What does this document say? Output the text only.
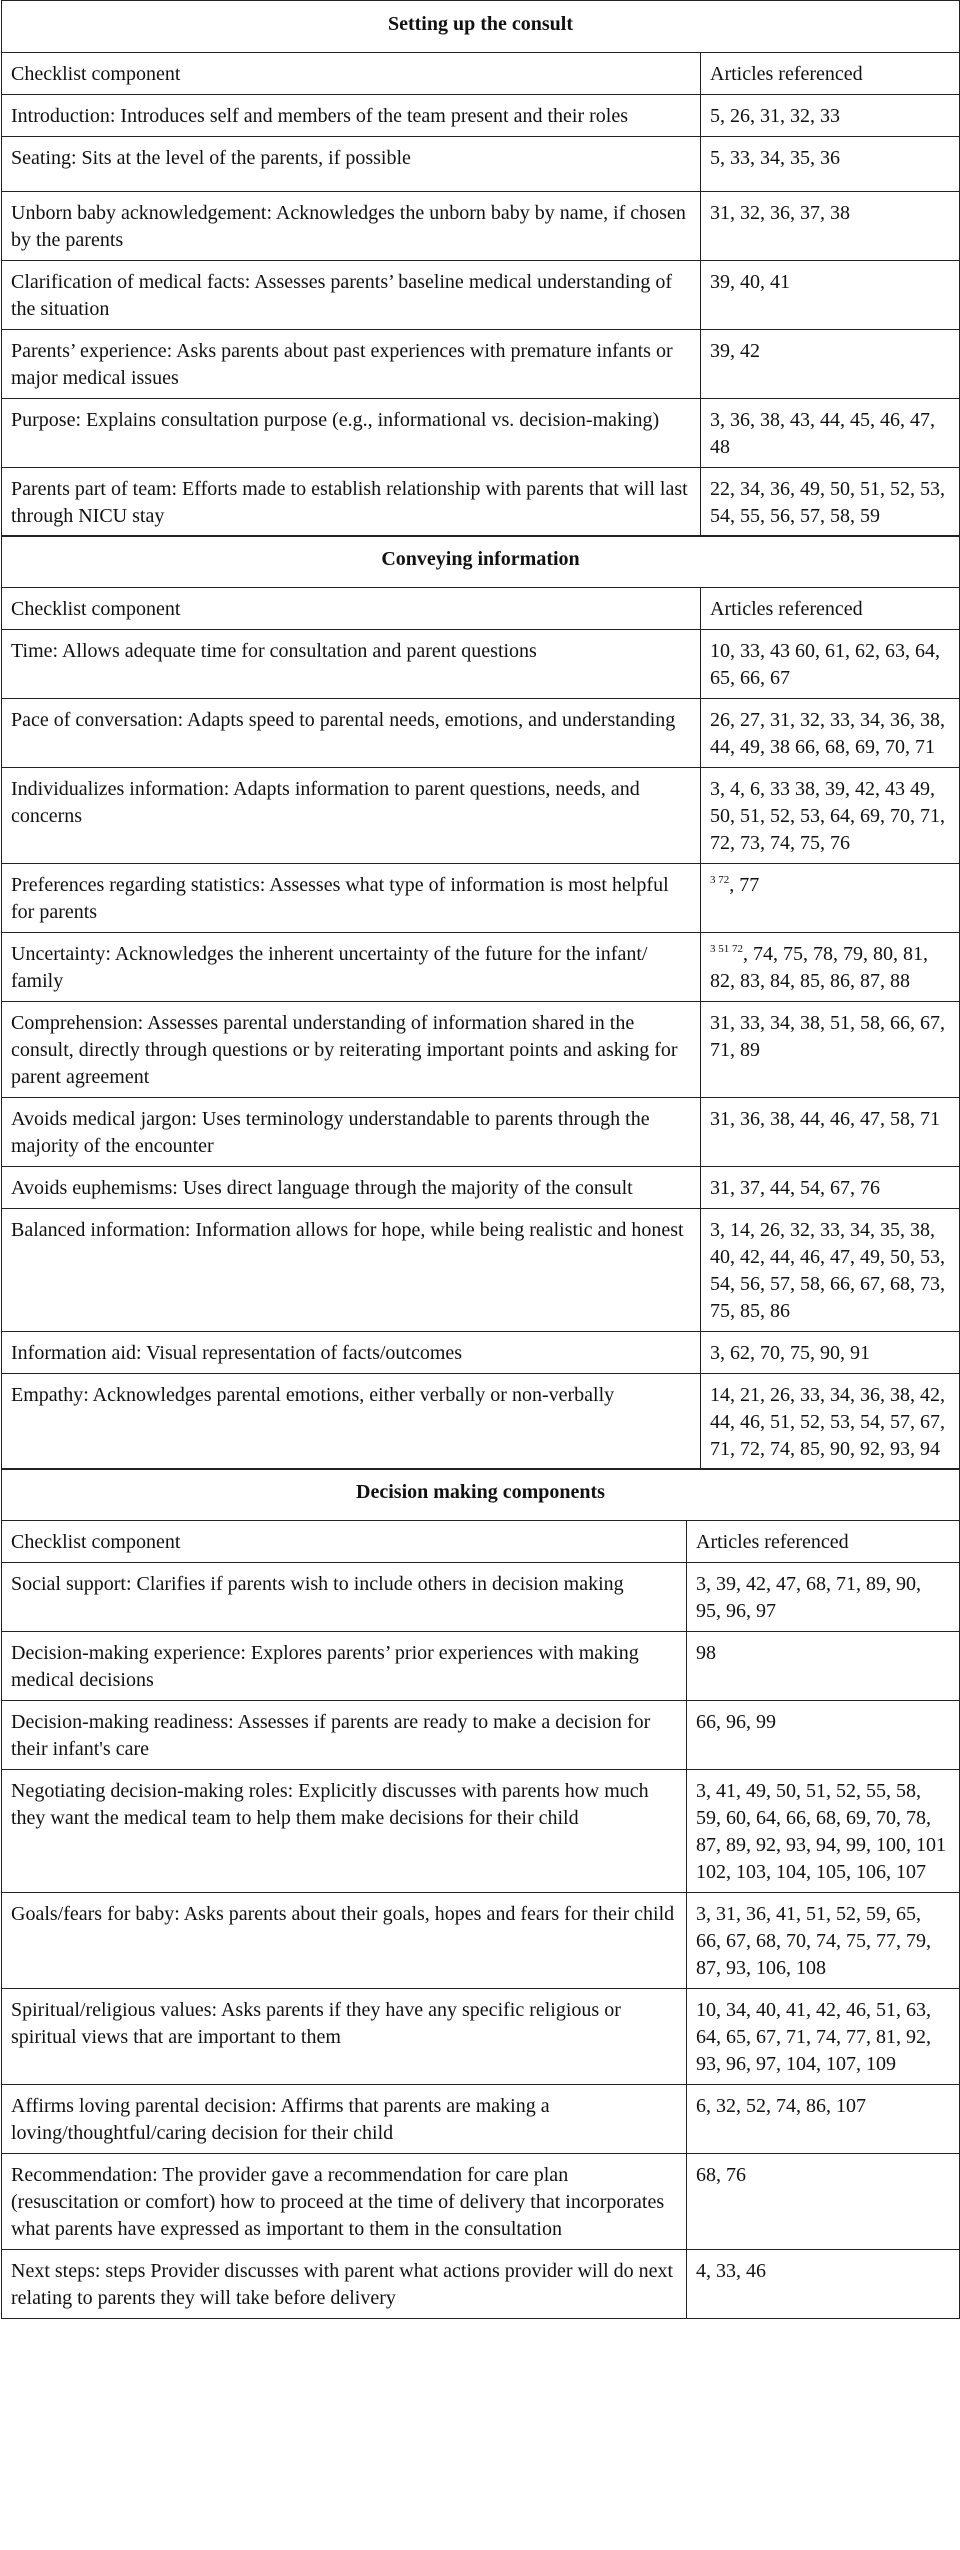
Setting up the consult	
Checklist component	Articles referenced
Introduction: Introduces self and members of the team present and their roles	5, 26, 31, 32, 33
Seating: Sits at the level of the parents, if possible	5, 33, 34, 35, 36
Unborn baby acknowledgement: Acknowledges the unborn baby by name, if chosen by the parents	31, 32, 36, 37, 38
Clarification of medical facts: Assesses parents’ baseline medical understanding of the situation	39, 40, 41
Parents’ experience: Asks parents about past experiences with premature infants or major medical issues	39, 42
Purpose: Explains consultation purpose (e.g., informational vs. decision-making)	3, 36, 38, 43, 44, 45, 46, 47, 48
Parents part of team: Efforts made to establish relationship with parents that will last through NICU stay	22, 34, 36, 49, 50, 51, 52, 53, 54, 55, 56, 57, 58, 59
Conveying information	
Checklist component	Articles referenced
Time: Allows adequate time for consultation and parent questions	10, 33, 43 60, 61, 62, 63, 64, 65, 66, 67
Pace of conversation: Adapts speed to parental needs, emotions, and understanding	26, 27, 31, 32, 33, 34, 36, 38, 44, 49, 38 66, 68, 69, 70, 71
Individualizes information: Adapts information to parent questions, needs, and concerns	3, 4, 6, 33 38, 39, 42, 43 49, 50, 51, 52, 53, 64, 69, 70, 71, 72, 73, 74, 75, 76
Preferences regarding statistics: Assesses what type of information is most helpful for parents	$^{3 72}$, 77
Uncertainty: Acknowledges the inherent uncertainty of the future for the infant/ family	$^{3 51 72}$, 74, 75, 78, 79, 80, 81, 82, 83, 84, 85, 86, 87, 88
Comprehension: Assesses parental understanding of information shared in the consult, directly through questions or by reiterating important points and asking for parent agreement	31, 33, 34, 38, 51, 58, 66, 67, 71, 89
Avoids medical jargon: Uses terminology understandable to parents through the majority of the encounter	31, 36, 38, 44, 46, 47, 58, 71
Avoids euphemisms: Uses direct language through the majority of the consult	31, 37, 44, 54, 67, 76
Balanced information: Information allows for hope, while being realistic and honest	3, 14, 26, 32, 33, 34, 35, 38, 40, 42, 44, 46, 47, 49, 50, 53, 54, 56, 57, 58, 66, 67, 68, 73, 75, 85, 86
Information aid: Visual representation of facts/outcomes	3, 62, 70, 75, 90, 91
Empathy: Acknowledges parental emotions, either verbally or non-verbally	14, 21, 26, 33, 34, 36, 38, 42, 44, 46, 51, 52, 53, 54, 57, 67, 71, 72, 74, 85, 90, 92, 93, 94
Decision making components	
Checklist component	Articles referenced
Social support: Clarifies if parents wish to include others in decision making	3, 39, 42, 47, 68, 71, 89, 90, 95, 96, 97
Decision-making experience: Explores parents’ prior experiences with making medical decisions	98
Decision-making readiness: Assesses if parents are ready to make a decision for their infant's care	66, 96, 99
Negotiating decision-making roles: Explicitly discusses with parents how much they want the medical team to help them make decisions for their child	3, 41, 49, 50, 51, 52, 55, 58, 59, 60, 64, 66, 68, 69, 70, 78, 87, 89, 92, 93, 94, 99, 100, 101 102, 103, 104, 105, 106, 107
Goals/fears for baby: Asks parents about their goals, hopes and fears for their child	3, 31, 36, 41, 51, 52, 59, 65, 66, 67, 68, 70, 74, 75, 77, 79, 87, 93, 106, 108
Spiritual/religious values: Asks parents if they have any specific religious or spiritual views that are important to them	10, 34, 40, 41, 42, 46, 51, 63, 64, 65, 67, 71, 74, 77, 81, 92, 93, 96, 97, 104, 107, 109
Affirms loving parental decision: Affirms that parents are making a loving/thoughtful/caring decision for their child	6, 32, 52, 74, 86, 107
Recommendation: The provider gave a recommendation for care plan (resuscitation or comfort) how to proceed at the time of delivery that incorporates what parents have expressed as important to them in the consultation	68, 76
Next steps: steps Provider discusses with parent what actions provider will do next relating to parents they will take before delivery	4, 33, 46
